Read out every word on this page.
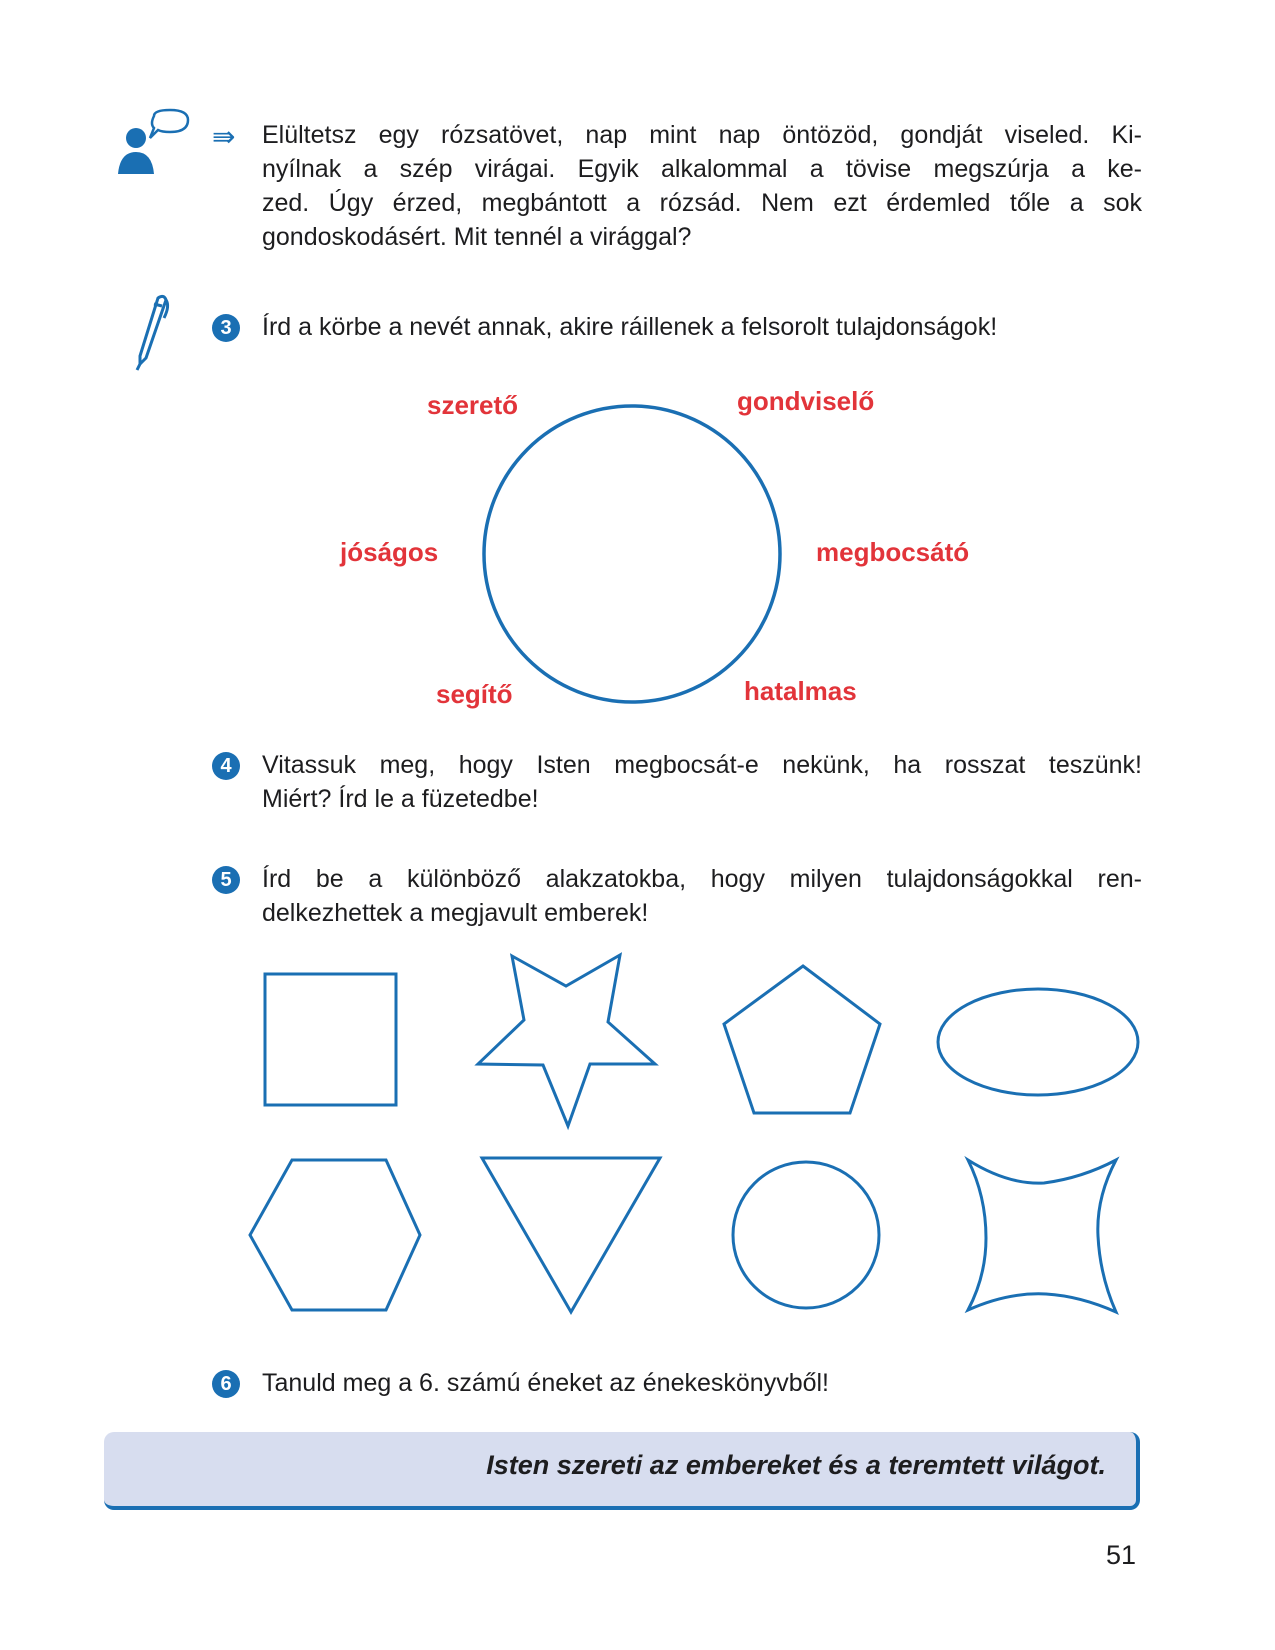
⇛ Elültetsz egy rózsatövet, nap mint nap öntözöd, gondját viseled. Ki-
nyílnak a szép virágai. Egyik alkalommal a tövise megszúrja a ke-
zed. Úgy érzed, megbántott a rózsád. Nem ezt érdemled tőle a sok
gondoskodásért. Mit tennél a virággal?
3	Írd a körbe a nevét annak, akire ráillenek a felsorolt tulajdonságok!

szerető	gondviselő
jóságos	megbocsátó
segítő	hatalmas
4	Vitassuk meg, hogy Isten megbocsát-e nekünk, ha rosszat teszünk!
Miért? Írd le a füzetedbe!
5	Írd be a különböző alakzatokba, hogy milyen tulajdonságokkal ren-
delkezhettek a megjavult emberek!
6	Tanuld meg a 6. számú éneket az énekeskönyvből!

Isten szereti az embereket és a teremtett világot.
51
